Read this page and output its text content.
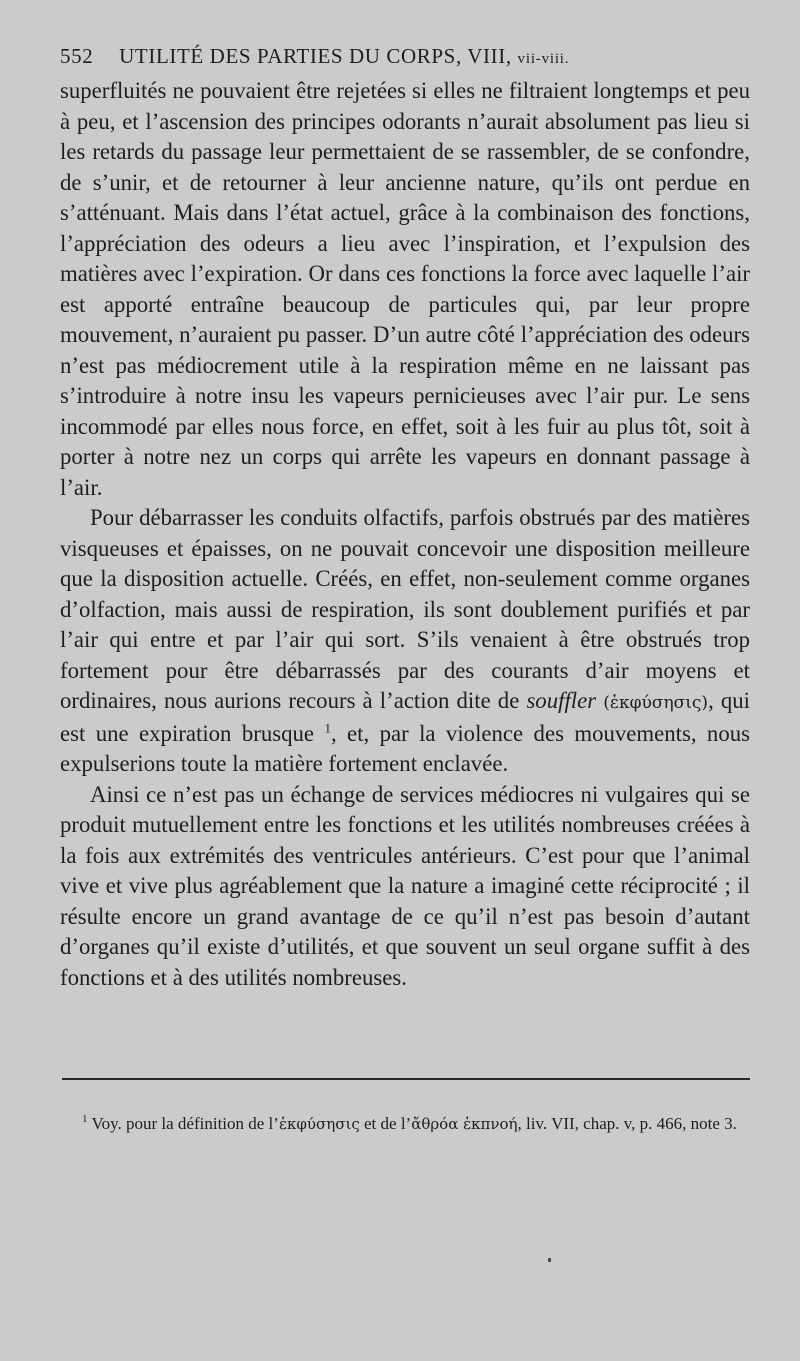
552 UTILITÉ DES PARTIES DU CORPS, VIII, vii-viii.

superfluités ne pouvaient être rejetées si elles ne filtraient longtemps et peu à peu, et l’ascension des principes odorants n’aurait absolument pas lieu si les retards du passage leur permettaient de se rassembler, de se confondre, de s’unir, et de retourner à leur ancienne nature, qu’ils ont perdue en s’atténuant. Mais dans l’état actuel, grâce à la combinaison des fonctions, l’appréciation des odeurs a lieu avec l’inspiration, et l’expulsion des matières avec l’expiration. Or dans ces fonctions la force avec laquelle l’air est apporté entraîne beaucoup de particules qui, par leur propre mouvement, n’auraient pu passer. D’un autre côté l’appréciation des odeurs n’est pas médiocrement utile à la respiration même en ne laissant pas s’introduire à notre insu les vapeurs pernicieuses avec l’air pur. Le sens incommodé par elles nous force, en effet, soit à les fuir au plus tôt, soit à porter à notre nez un corps qui arrête les vapeurs en donnant passage à l’air.

Pour débarrasser les conduits olfactifs, parfois obstrués par des matières visqueuses et épaisses, on ne pouvait concevoir une disposition meilleure que la disposition actuelle. Créés, en effet, non-seulement comme organes d’olfaction, mais aussi de respiration, ils sont doublement purifiés et par l’air qui entre et par l’air qui sort. S’ils venaient à être obstrués trop fortement pour être débarrassés par des courants d’air moyens et ordinaires, nous aurions recours à l’action dite de souffler (ἐκφύσησις), qui est une expiration brusque $^1$, et, par la violence des mouvements, nous expulserions toute la matière fortement enclavée.

Ainsi ce n’est pas un échange de services médiocres ni vulgaires qui se produit mutuellement entre les fonctions et les utilités nombreuses créées à la fois aux extrémités des ventricules antérieurs. C’est pour que l’animal vive et vive plus agréablement que la nature a imaginé cette réciprocité ; il résulte encore un grand avantage de ce qu’il n’est pas besoin d’autant d’organes qu’il existe d’utilités, et que souvent un seul organe suffit à des fonctions et à des utilités nombreuses.

$^1$ Voy. pour la définition de l’ἐκφύσησις et de l’ἄθρόα ἐκπνοή, liv. VII, chap. v, p. 466, note 3.
